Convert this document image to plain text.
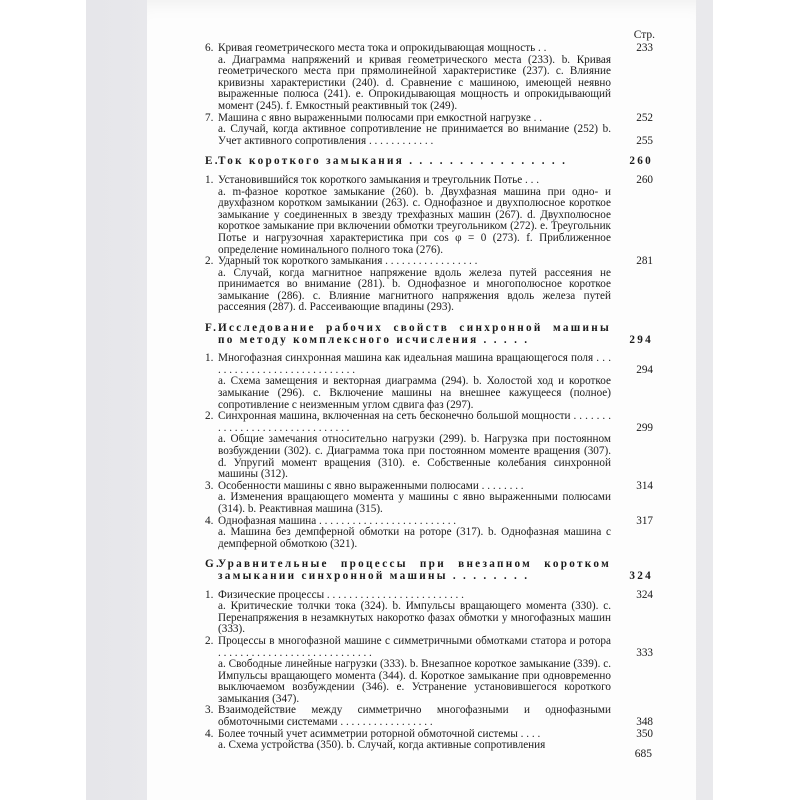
Стр.
6. Кривая геометрического места тока и опрокидывающая мощность . .	233
а. Диаграмма напряжений и кривая геометрического места (233). b. Кривая геометрического места при прямолинейной характеристике (237). c. Влияние кривизны характеристики (240). d. Сравнение с машиною, имеющей неявно выраженные полюса (241). e. Опрокидывающая мощность и опрокидывающий момент (245). f. Емкостный реактивный ток (249).
7. Машина с явно выраженными полюсами при емкостной нагрузке . .	252
а. Случай, когда активное сопротивление не принимается во внимание (252) b. Учет активного сопротивления . . . . . . . . . . . .	255
E.
Ток короткого замыкания . . . . . . . . . . . . . . . .	260
1. Установившийся ток короткого замыкания и треугольник Потье . . .	260
а. m-фазное короткое замыкание (260). b. Двухфазная машина при одно- и двухфазном коротком замыкании (263). c. Однофазное и двухполюсное короткое замыкание у соединенных в звезду трехфазных машин (267). d. Двухполюсное короткое замыкание при включении обмотки треугольником (272). e. Треугольник Потье и нагрузочная характеристика при cos φ = 0 (273). f. Приближенное определение номинального полного тока (276).
2. Ударный ток короткого замыкания . . . . . . . . . . . . . . . . .	281
а. Случай, когда магнитное напряжение вдоль железа путей рассеяния не принимается во внимание (281). b. Однофазное и многополюсное короткое замыкание (286). c. Влияние магнитного напряжения вдоль железа путей рассеяния (287). d. Рассеивающие впадины (293).
F. Исследование рабочих свойств синхронной машины по методу комплексного исчисления . . . . .	294
1. Многофазная синхронная машина как идеальная машина вращающегося поля . . . . . . . . . . . . . . . . . . . . . . . . . . . .	294
а. Схема замещения и векторная диаграмма (294). b. Холостой ход и короткое замыкание (296). c. Включение машины на внешнее кажущееся (полное) сопротивление с неизменным углом сдвига фаз (297).
2. Синхронная машина, включенная на сеть бесконечно большой мощности . . . . . . . . . . . . . . . . . . . . . . . . . . . . . . .	299
а. Общие замечания относительно нагрузки (299). b. Нагрузка при постоянном возбуждении (302). c. Диаграмма тока при постоянном моменте вращения (307). d. Упругий момент вращения (310). e. Собственные колебания синхронной машины (312).
3. Особенности машины с явно выраженными полюсами . . . . . . . .	314
а. Изменения вращающего момента у машины с явно выраженными полюсами (314). b. Реактивная машина (315).
4. Однофазная машина . . . . . . . . . . . . . . . . . . . . . . . . .	317
а. Машина без демпферной обмотки на роторе (317). b. Однофазная машина с демпферной обмоткою (321).
G.
Уравнительные процессы при внезапном коротком замыкании синхронной машины . . . . . . . .	324
1. Физические процессы . . . . . . . . . . . . . . . . . . . . . . . . .	324
а. Критические толчки тока (324). b. Импульсы вращающего момента (330). c. Перенапряжения в незамкнутых накоротко фазах обмотки у многофазных машин (333).
2. Процессы в многофазной машине с симметричными обмотками статора и ротора . . . . . . . . . . . . . . . . . . . . . . . . . . . .	333
а. Свободные линейные нагрузки (333). b. Внезапное короткое замыкание (339). c. Импульсы вращающего момента (344). d. Короткое замыкание при одновременно выключаемом возбуждении (346). e. Устранение установившегося короткого замыкания (347).
3. Взаимодействие между симметрично многофазными и однофазными обмоточными системами . . . . . . . . . . . . . . . . .	348
4. Более точный учет асимметрии роторной обмоточной системы . . . .	350
а. Схема устройства (350). b. Случай, когда активные сопротивления
685
